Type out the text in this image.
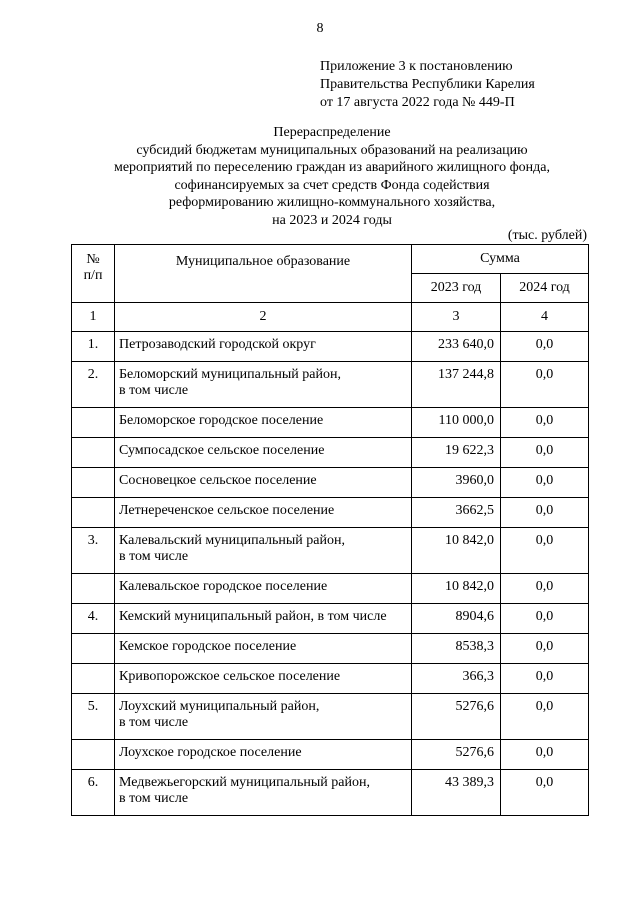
8
Приложение 3 к постановлению
Правительства Республики Карелия
от 17 августа 2022 года № 449-П
Перераспределение
субсидий бюджетам муниципальных образований на реализацию
мероприятий по переселению граждан из аварийного жилищного фонда,
софинансируемых за счет средств Фонда содействия
реформированию жилищно-коммунального хозяйства,
на 2023 и 2024 годы
(тыс. рублей)
№
п/п	Муниципальное образование	Сумма	
		2023 год	2024 год
1	2	3	4
1.	Петрозаводский городской округ	233 640,0	0,0
2.	Беломорский муниципальный район,
в том числе	137 244,8	0,0

	Беломорское городское поселение	110 000,0	0,0

	Сумпосадское сельское поселение	19 622,3	0,0

	Сосновецкое сельское поселение	3960,0	0,0

	Летнереченское сельское поселение	3662,5	0,0
3.	Калевальский муниципальный район,
в том числе	10 842,0	0,0

	Калевальское городское поселение	10 842,0	0,0
4.	Кемский муниципальный район, в том числе	8904,6	0,0

	Кемское городское поселение	8538,3	0,0

	Кривопорожское сельское поселение	366,3	0,0
5.	Лоухский муниципальный район,
в том числе	5276,6	0,0

	Лоухское городское поселение	5276,6	0,0
6.	Медвежьегорский муниципальный район,
в том числе	43 389,3	0,0
